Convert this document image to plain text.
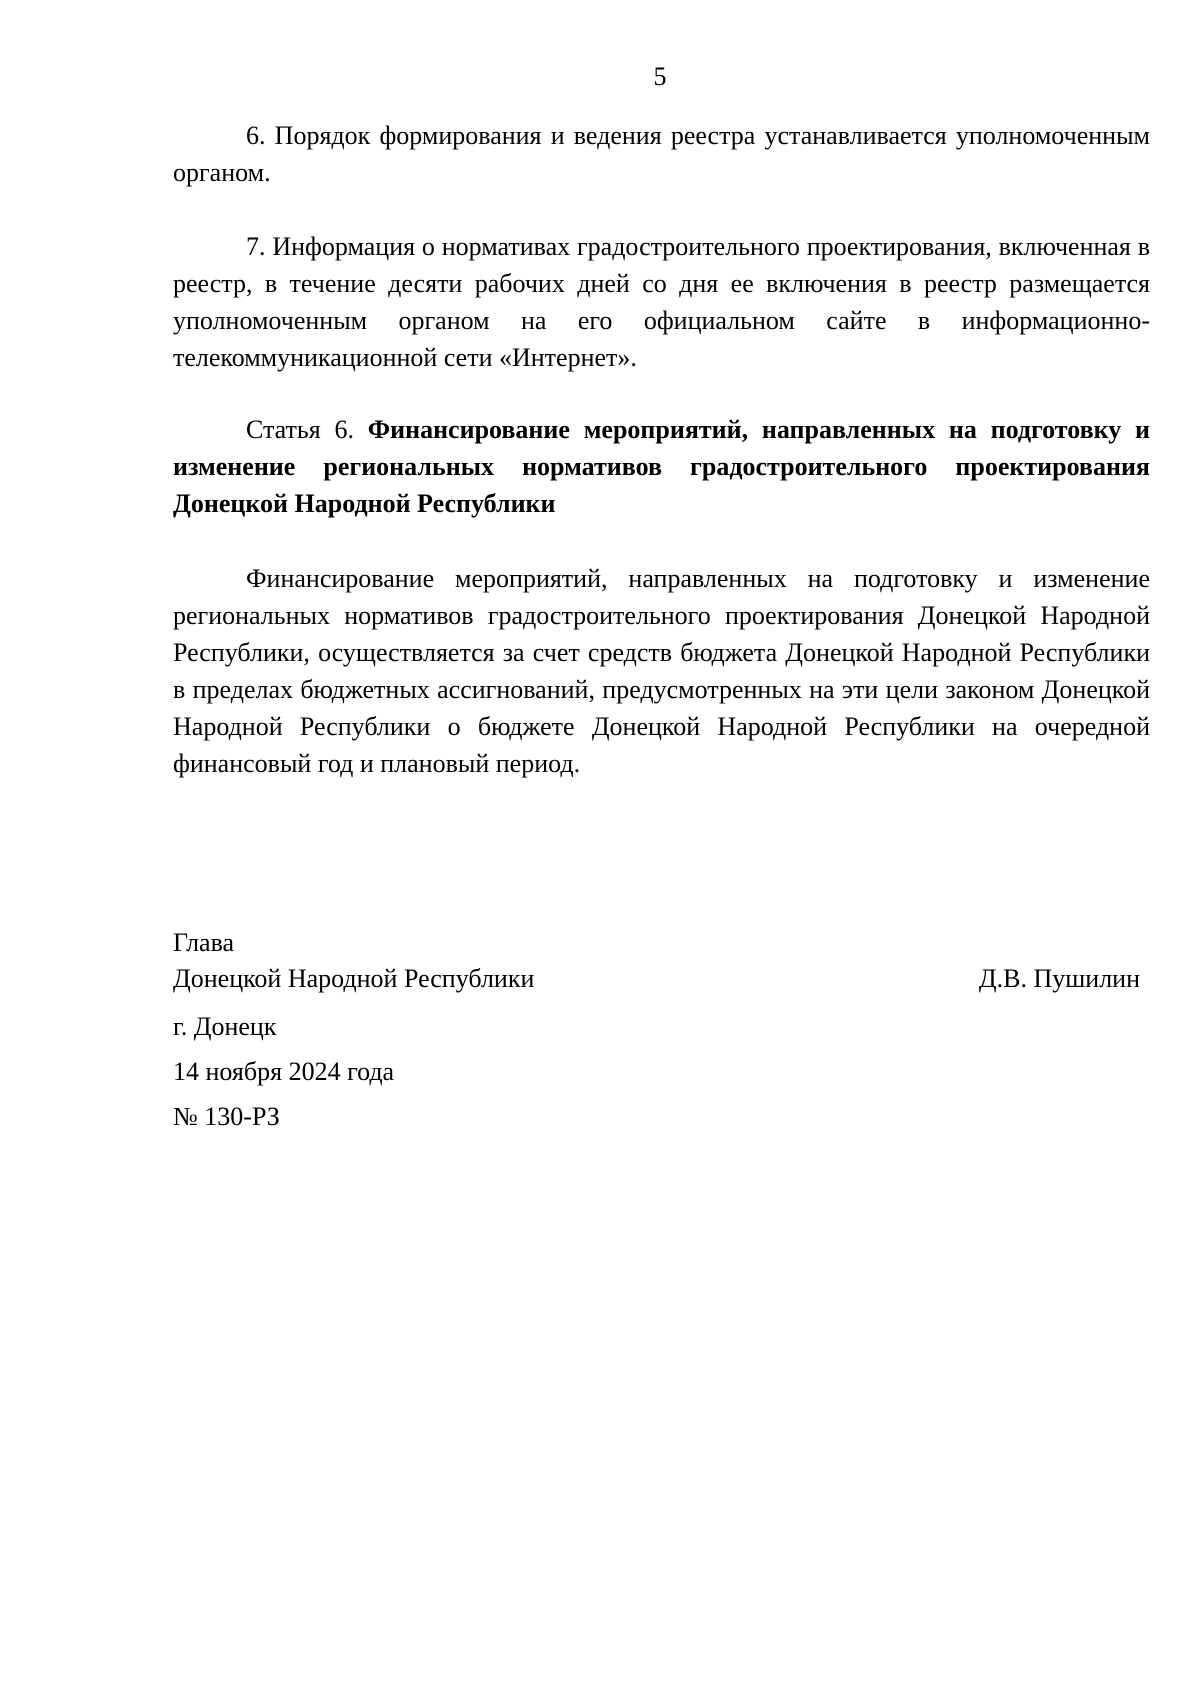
5

6. Порядок формирования и ведения реестра устанавливается уполномоченным органом.

7. Информация о нормативах градостроительного проектирования, включенная в реестр, в течение десяти рабочих дней со дня ее включения в реестр размещается уполномоченным органом на его официальном сайте в информационно-телекоммуникационной сети «Интернет».

Статья 6. Финансирование мероприятий, направленных на подготовку и изменение региональных нормативов градостроительного проектирования Донецкой Народной Республики

Финансирование мероприятий, направленных на подготовку и изменение региональных нормативов градостроительного проектирования Донецкой Народной Республики, осуществляется за счет средств бюджета Донецкой Народной Республики в пределах бюджетных ассигнований, предусмотренных на эти цели законом Донецкой Народной Республики о бюджете Донецкой Народной Республики на очередной финансовый год и плановый период.

Глава
Донецкой Народной Республики	Д.В. Пушилин
г. Донецк
14 ноября 2024 года
№ 130-РЗ
